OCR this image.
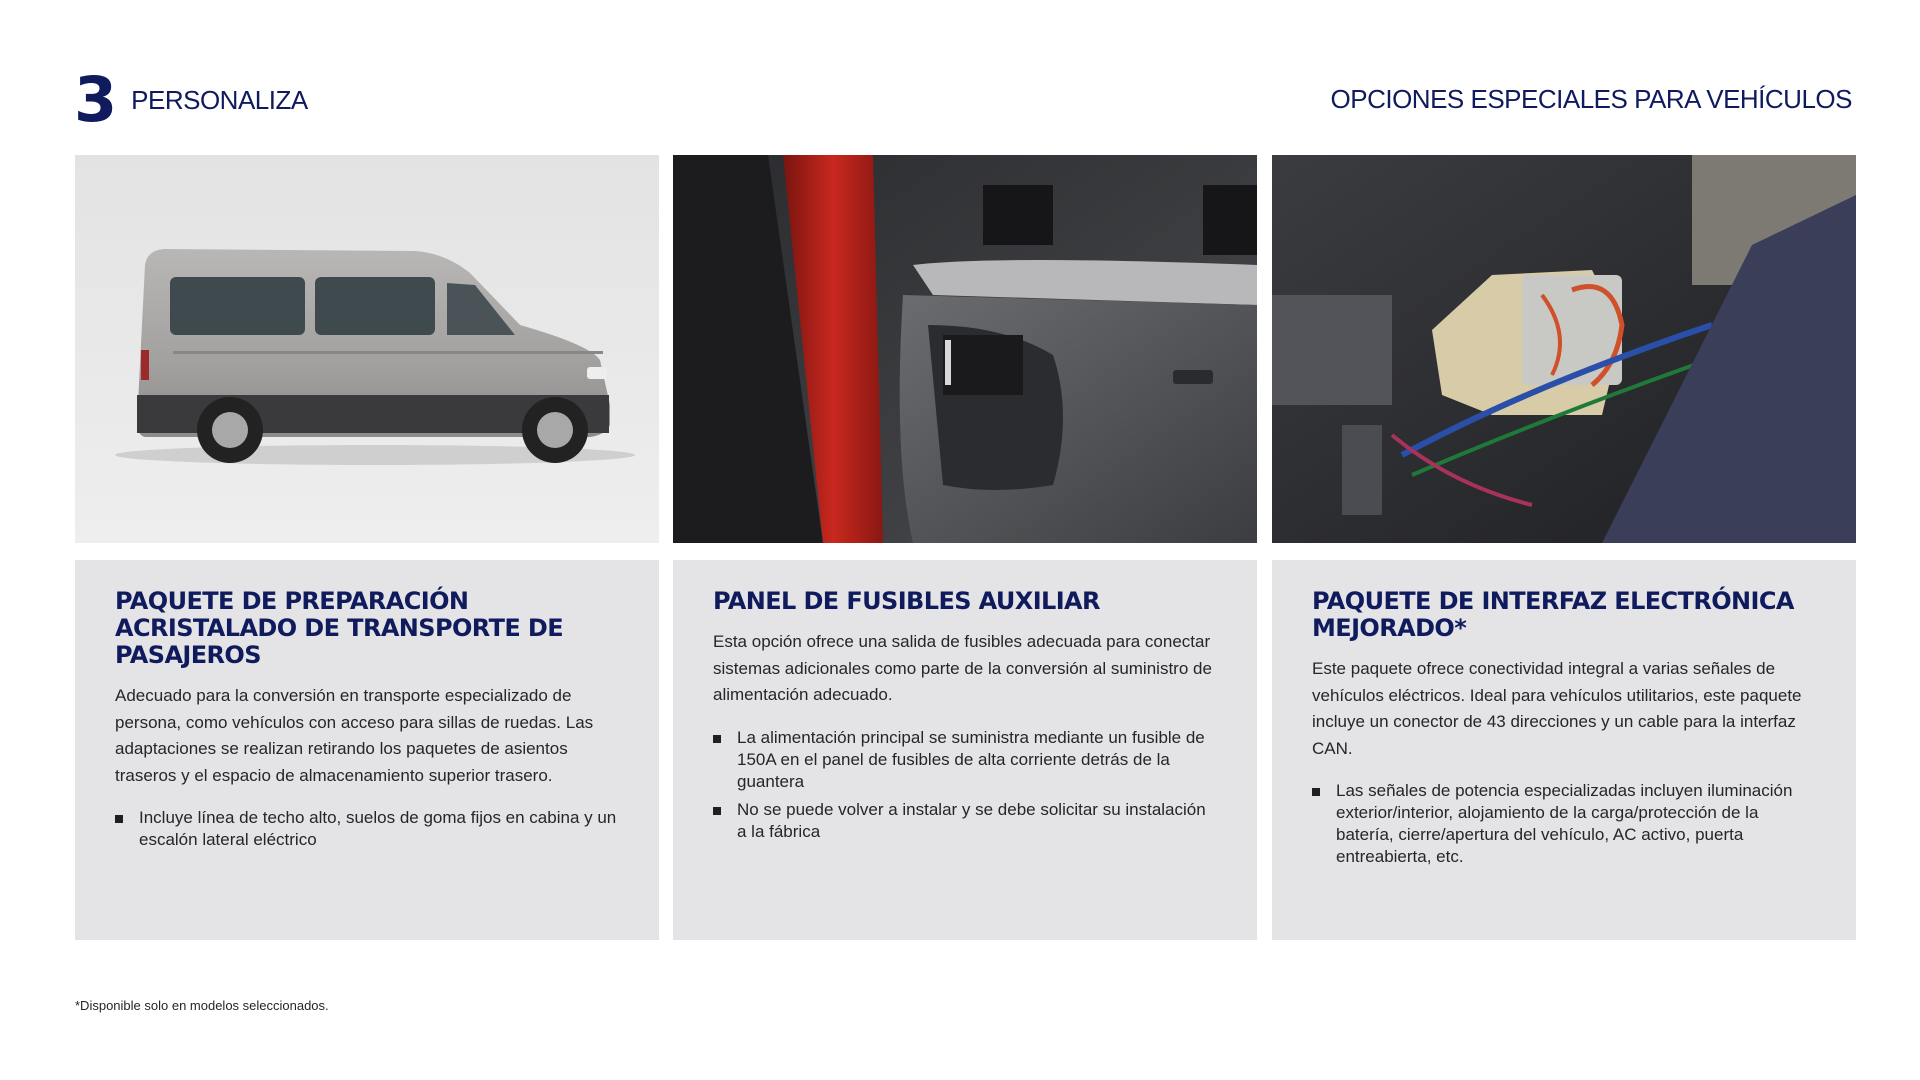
3 PERSONALIZA	OPCIONES ESPECIALES PARA VEHÍCULOS
PAQUETE DE PREPARACIÓN ACRISTALADO DE TRANSPORTE DE PASAJEROS

Adecuado para la conversión en transporte especializado de persona, como vehículos con acceso para sillas de ruedas. Las adaptaciones se realizan retirando los paquetes de asientos traseros y el espacio de almacenamiento superior trasero.

Incluye línea de techo alto, suelos de goma fijos en cabina y un escalón lateral eléctrico
PANEL DE FUSIBLES AUXILIAR

Esta opción ofrece una salida de fusibles adecuada para conectar sistemas adicionales como parte de la conversión al suministro de alimentación adecuado.

La alimentación principal se suministra mediante un fusible de 150A en el panel de fusibles de alta corriente detrás de la guantera
No se puede volver a instalar y se debe solicitar su instalación a la fábrica
PAQUETE DE INTERFAZ ELECTRÓNICA MEJORADO*

Este paquete ofrece conectividad integral a varias señales de vehículos eléctricos. Ideal para vehículos utilitarios, este paquete incluye un conector de 43 direcciones y un cable para la interfaz CAN.

Las señales de potencia especializadas incluyen iluminación exterior/interior, alojamiento de la carga/protección de la batería, cierre/apertura del vehículo, AC activo, puerta entreabierta, etc.
*Disponible solo en modelos seleccionados.
